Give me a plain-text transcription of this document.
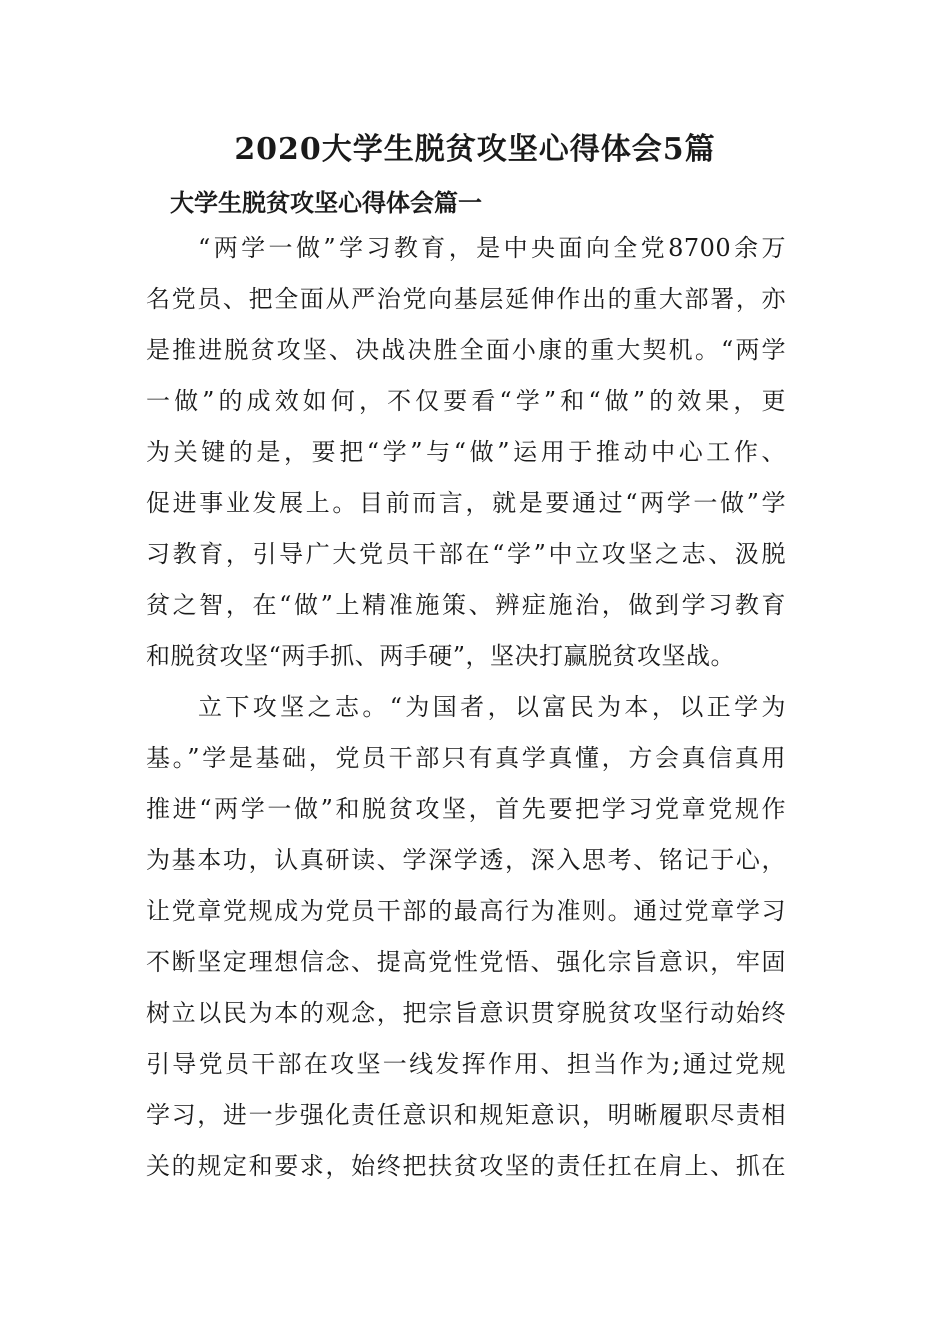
2020大学生脱贫攻坚心得体会5篇
大学生脱贫攻坚心得体会篇一
“两学一做”学习教育，是中央面向全党8700余万
名党员、把全面从严治党向基层延伸作出的重大部署，亦
是推进脱贫攻坚、决战决胜全面小康的重大契机。“两学
一做”的成效如何，不仅要看“学”和“做”的效果，更
为关键的是，要把“学”与“做”运用于推动中心工作、
促进事业发展上。目前而言，就是要通过“两学一做”学
习教育，引导广大党员干部在“学”中立攻坚之志、汲脱
贫之智，在“做”上精准施策、辨症施治，做到学习教育
和脱贫攻坚“两手抓、两手硬”，坚决打赢脱贫攻坚战。
立下攻坚之志。“为国者，以富民为本，以正学为
基。”学是基础，党员干部只有真学真懂，方会真信真用
推进“两学一做”和脱贫攻坚，首先要把学习党章党规作
为基本功，认真研读、学深学透，深入思考、铭记于心，
让党章党规成为党员干部的最高行为准则。通过党章学习
不断坚定理想信念、提高党性党悟、强化宗旨意识，牢固
树立以民为本的观念，把宗旨意识贯穿脱贫攻坚行动始终
引导党员干部在攻坚一线发挥作用、担当作为;通过党规
学习，进一步强化责任意识和规矩意识，明晰履职尽责相
关的规定和要求，始终把扶贫攻坚的责任扛在肩上、抓在
